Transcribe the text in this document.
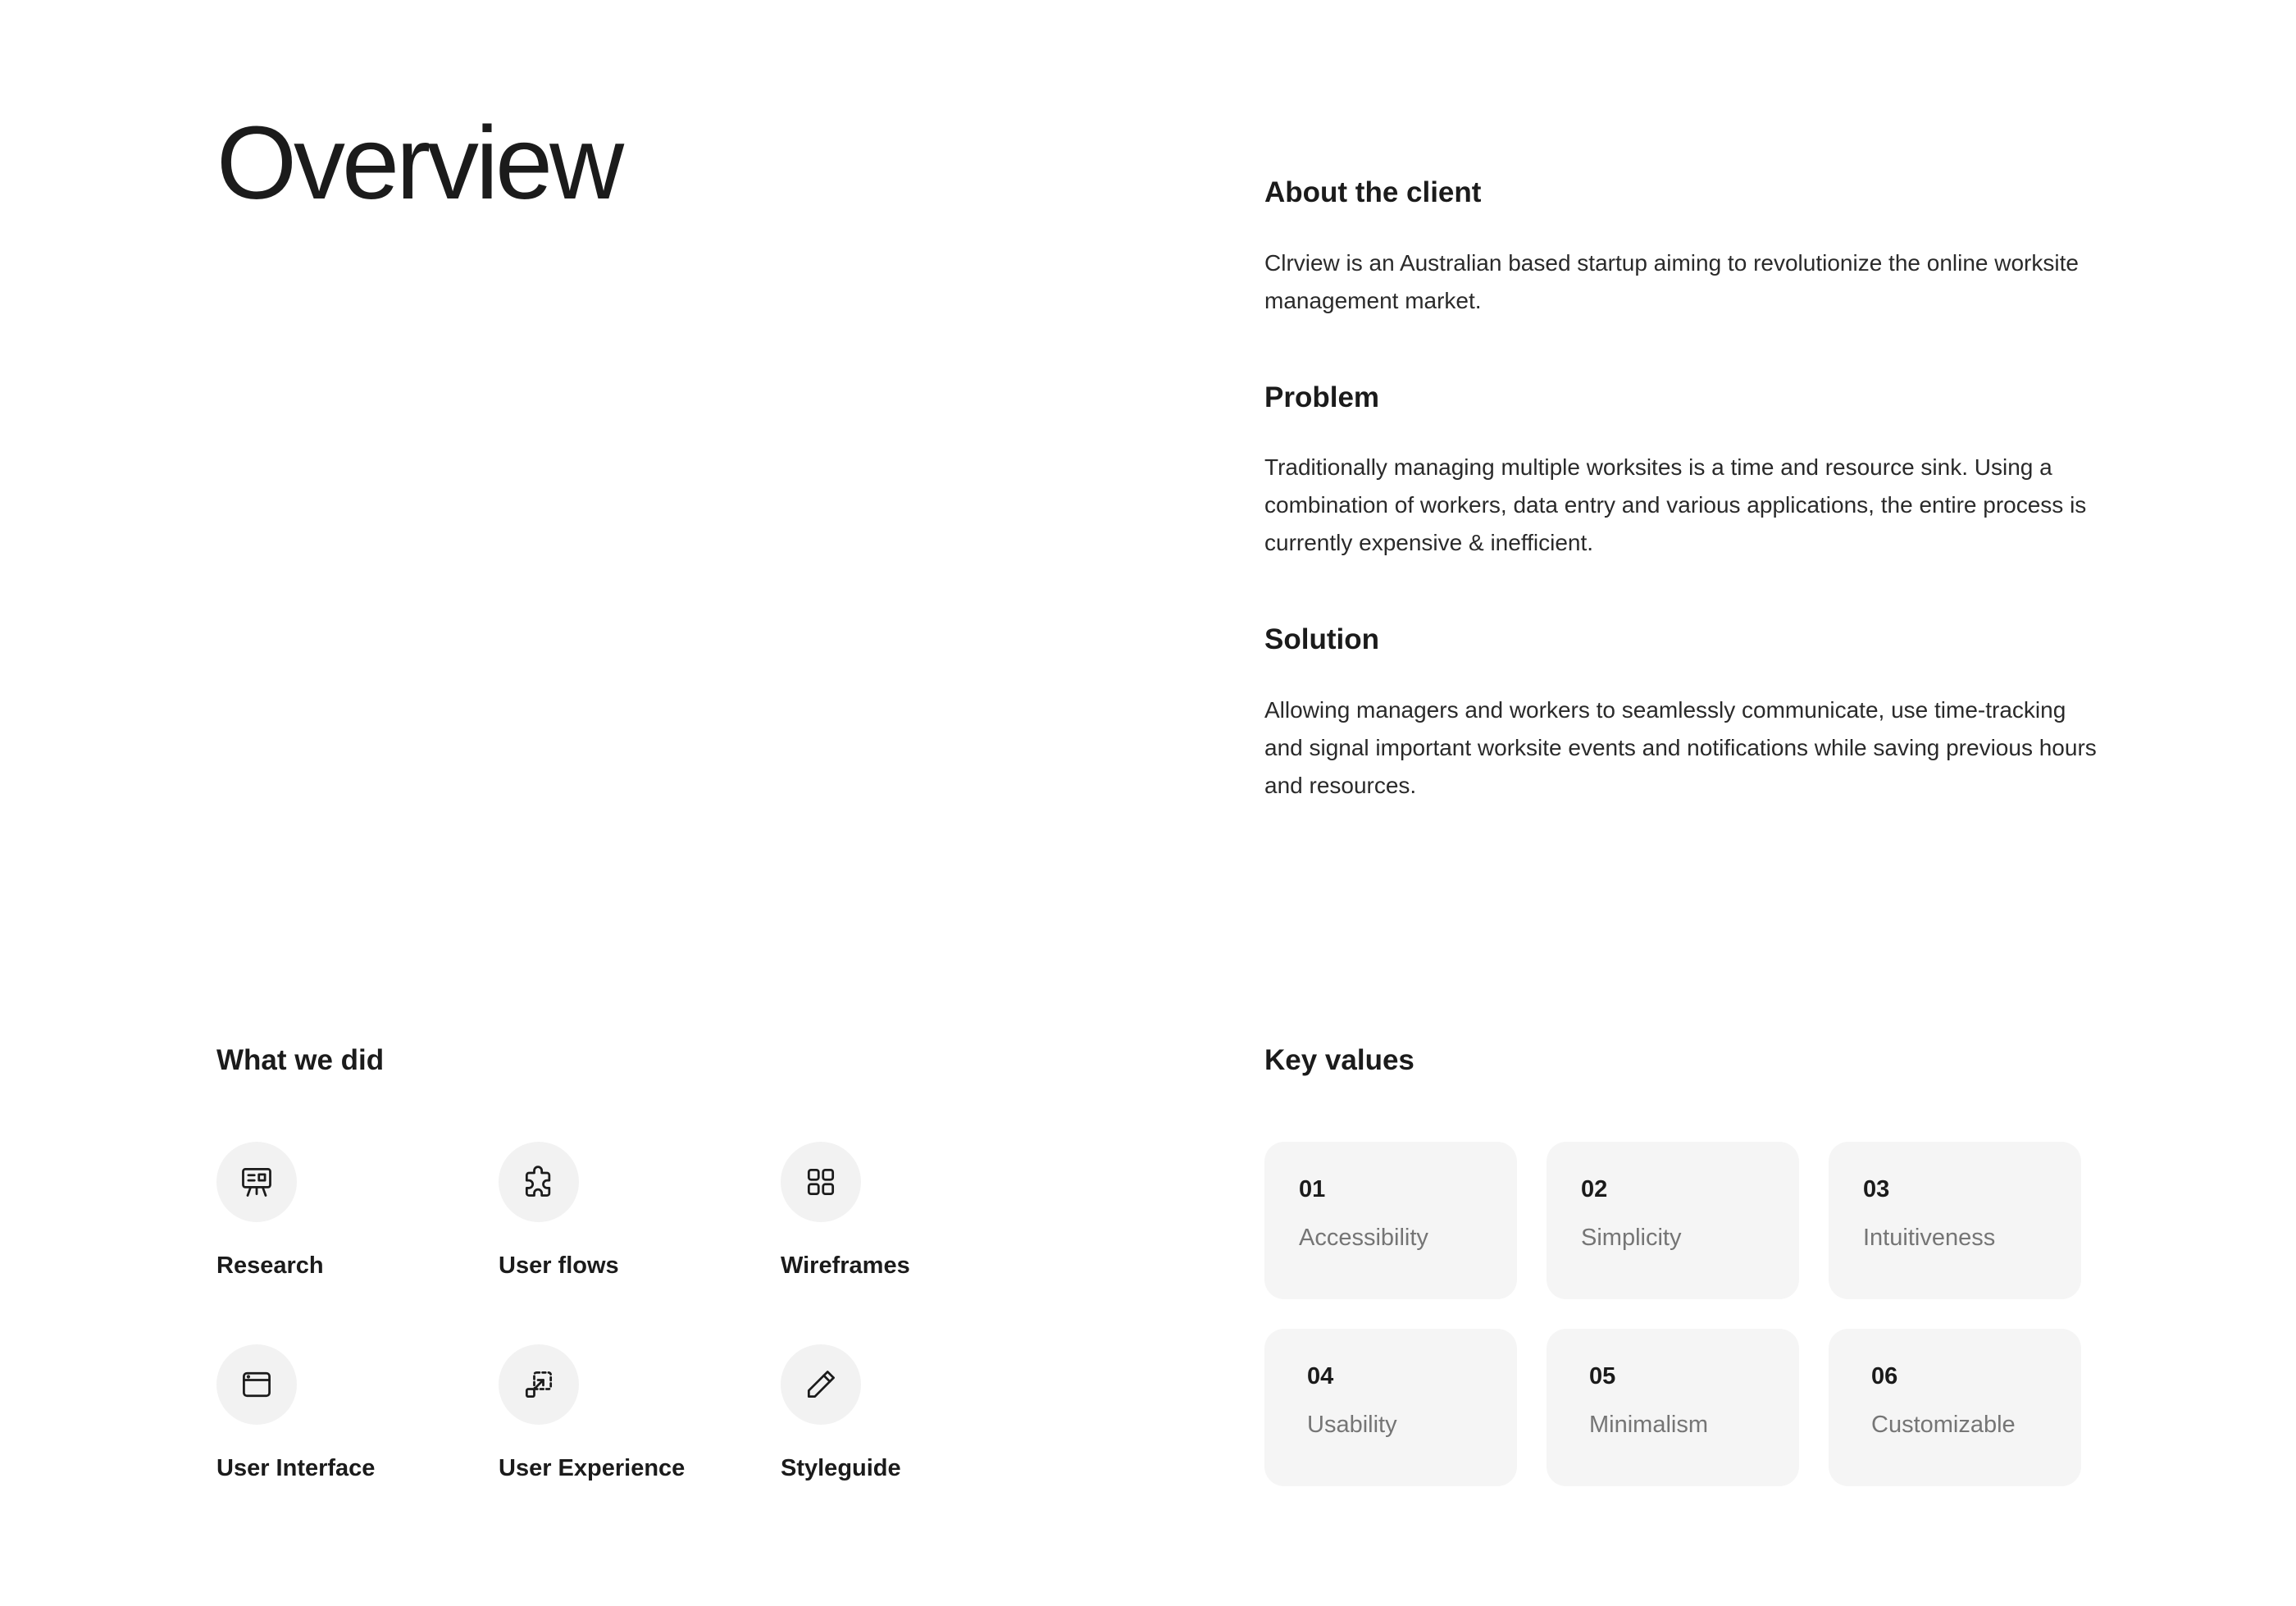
Overview	About the client

Clrview is an Australian based startup aiming to revolutionize the online worksite management market.

Problem

Traditionally managing multiple worksites is a time and resource sink. Using a combination of workers, data entry and various applications, the entire process is currently expensive & inefficient.

Solution

Allowing managers and workers to seamlessly communicate, use time-tracking and signal important worksite events and notifications while saving previous hours and resources.

What we did
Research	User flows	Wireframes
User Interface	User Experience	Styleguide
Key values
01
Accessibility
02
Simplicity
03
Intuitiveness
04
Usability
05
Minimalism
06
Customizable
